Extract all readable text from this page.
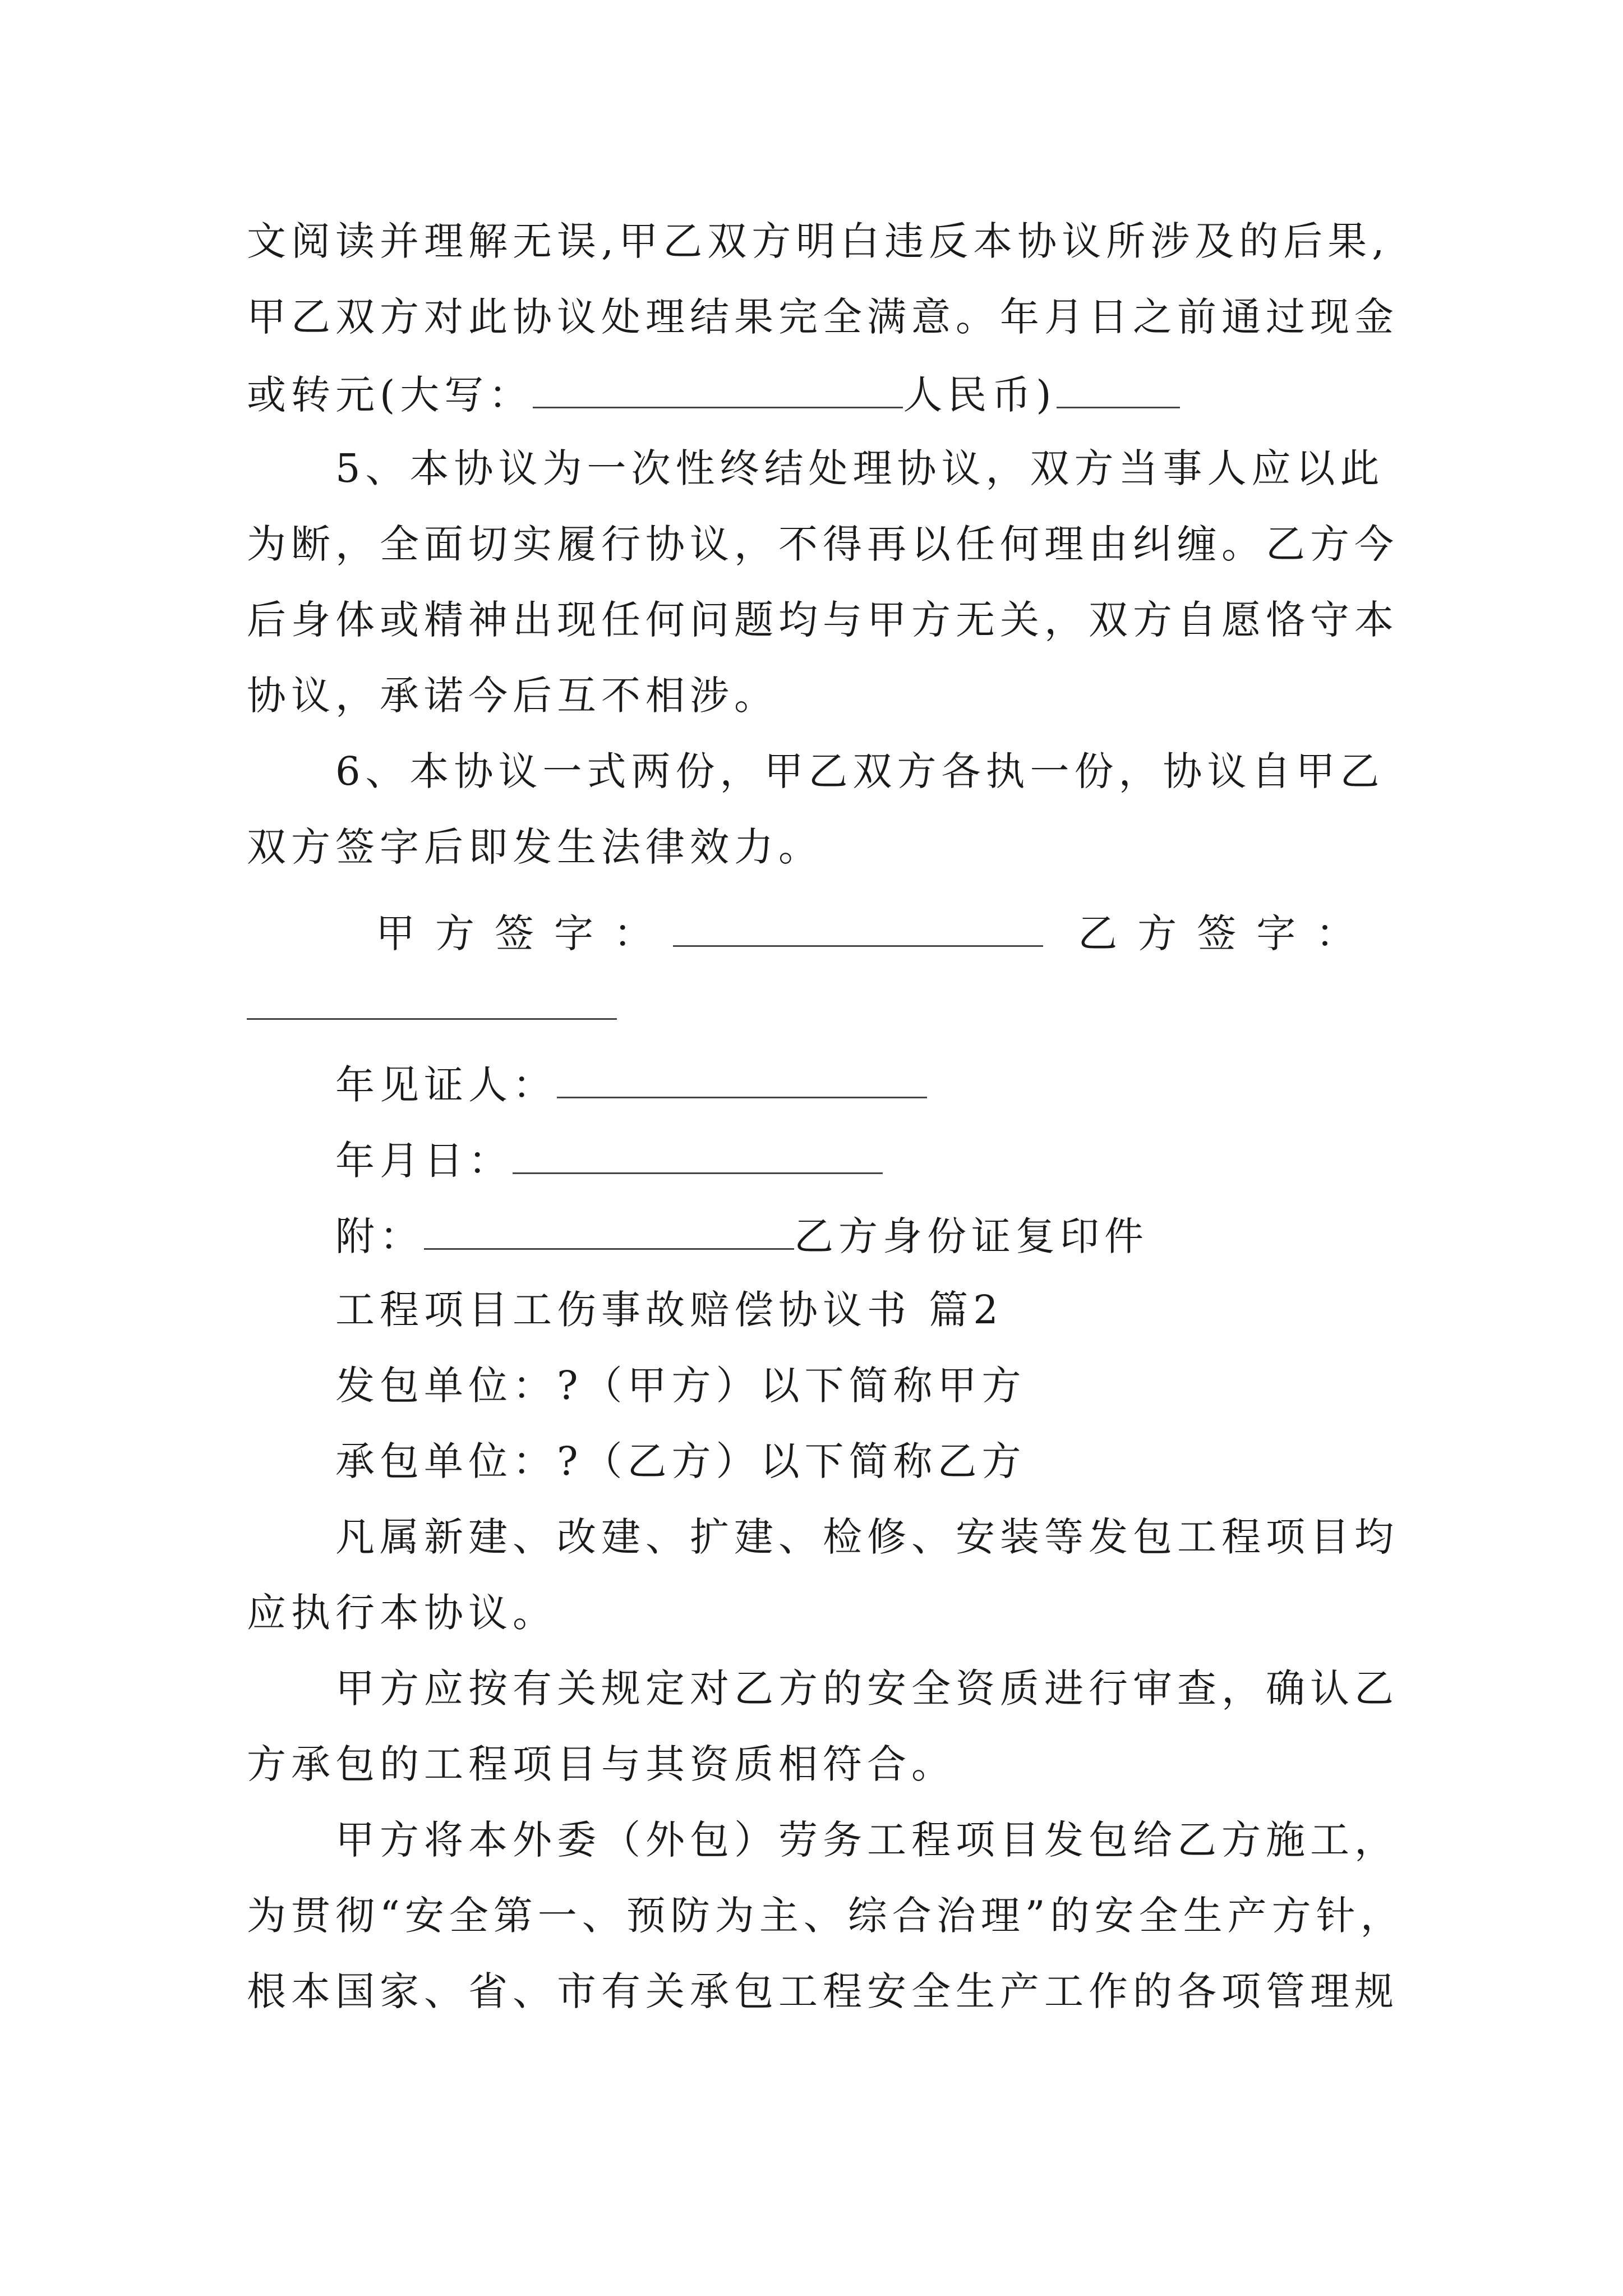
文阅读并理解无误,甲乙双方明白违反本协议所涉及的后果,
甲乙双方对此协议处理结果完全满意。年月日之前通过现金
或转元(大写：	人民币)
5、本协议为一次性终结处理协议，双方当事人应以此
为断，全面切实履行协议，不得再以任何理由纠缠。乙方今
后身体或精神出现任何问题均与甲方无关，双方自愿恪守本
协议，承诺今后互不相涉。
6、本协议一式两份，甲乙双方各执一份，协议自甲乙
双方签字后即发生法律效力。
甲方签字：	乙方签字：
年见证人：
年月日：
附：	乙方身份证复印件
工程项目工伤事故赔偿协议书 篇2
发包单位：?（甲方）以下简称甲方
承包单位：?（乙方）以下简称乙方
凡属新建、改建、扩建、检修、安装等发包工程项目均
应执行本协议。
甲方应按有关规定对乙方的安全资质进行审查，确认乙
方承包的工程项目与其资质相符合。
甲方将本外委（外包）劳务工程项目发包给乙方施工，
为贯彻“安全第一、预防为主、综合治理”的安全生产方针，
根本国家、省、市有关承包工程安全生产工作的各项管理规
